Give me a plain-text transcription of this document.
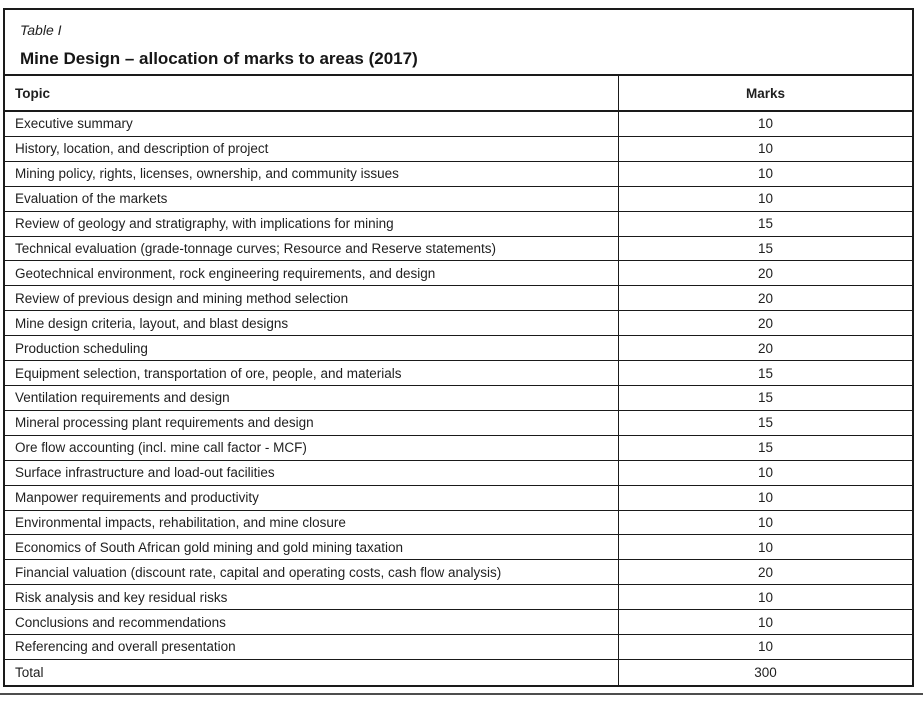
Table I
Mine Design – allocation of marks to areas (2017)
Topic	Marks
Executive summary	10
History, location, and description of project	10
Mining policy, rights, licenses, ownership, and community issues	10
Evaluation of the markets	10
Review of geology and stratigraphy, with implications for mining	15
Technical evaluation (grade-tonnage curves; Resource and Reserve statements)	15
Geotechnical environment, rock engineering requirements, and design	20
Review of previous design and mining method selection	20
Mine design criteria, layout, and blast designs	20
Production scheduling	20
Equipment selection, transportation of ore, people, and materials	15
Ventilation requirements and design	15
Mineral processing plant requirements and design	15
Ore flow accounting (incl. mine call factor - MCF)	15
Surface infrastructure and load-out facilities	10
Manpower requirements and productivity	10
Environmental impacts, rehabilitation, and mine closure	10
Economics of South African gold mining and gold mining taxation	10
Financial valuation (discount rate, capital and operating costs, cash flow analysis)	20
Risk analysis and key residual risks	10
Conclusions and recommendations	10
Referencing and overall presentation	10
Total	300
